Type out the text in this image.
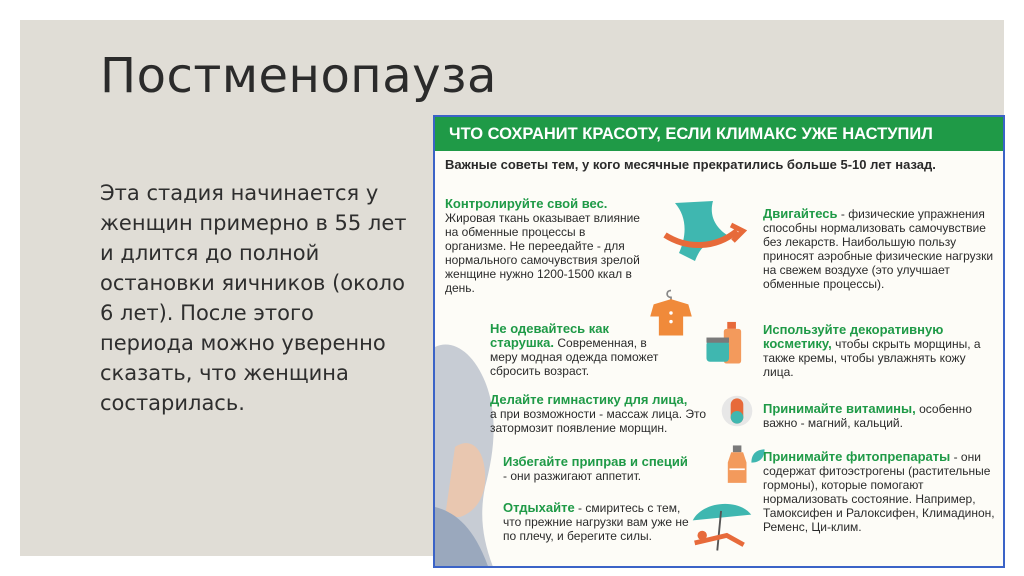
Постменопауза
Эта стадия начинается у женщин примерно в 55 лет и длится до полной остановки яичников (около 6 лет). После этого периода можно уверенно сказать, что женщина состарилась.
ЧТО СОХРАНИТ КРАСОТУ, ЕСЛИ КЛИМАКС УЖЕ НАСТУПИЛ
Важные советы тем, у кого месячные прекратились больше 5-10 лет назад.
Контролируйте свой вес.
Жировая ткань оказывает влияние на обменные процессы в организме. Не переедайте - для нормального самочувствия зрелой женщине нужно 1200-1500 ккал в день.
Двигайтесь - физические упражнения способны нормализовать самочувствие без лекарств. Наибольшую пользу приносят аэробные физические нагрузки на свежем воздухе (это улучшает обменные процессы).
Не одевайтесь как старушка. Современная, в меру модная одежда поможет сбросить возраст.
Используйте декоративную косметику, чтобы скрыть морщины, а также кремы, чтобы увлажнять кожу лица.
Делайте гимнастику для лица,
а при возможности - массаж лица. Это затормозит появление морщин.
Принимайте витамины, особенно важно - магний, кальций.
Избегайте приправ и специй
- они разжигают аппетит.
Принимайте фитопрепараты - они содержат фитоэстрогены (растительные гормоны), которые помогают нормализовать состояние. Например, Тамоксифен и Ралоксифен, Климадинон, Ременс, Ци-клим.
Отдыхайте - смиритесь с тем, что прежние нагрузки вам уже не по плечу, и берегите силы.
